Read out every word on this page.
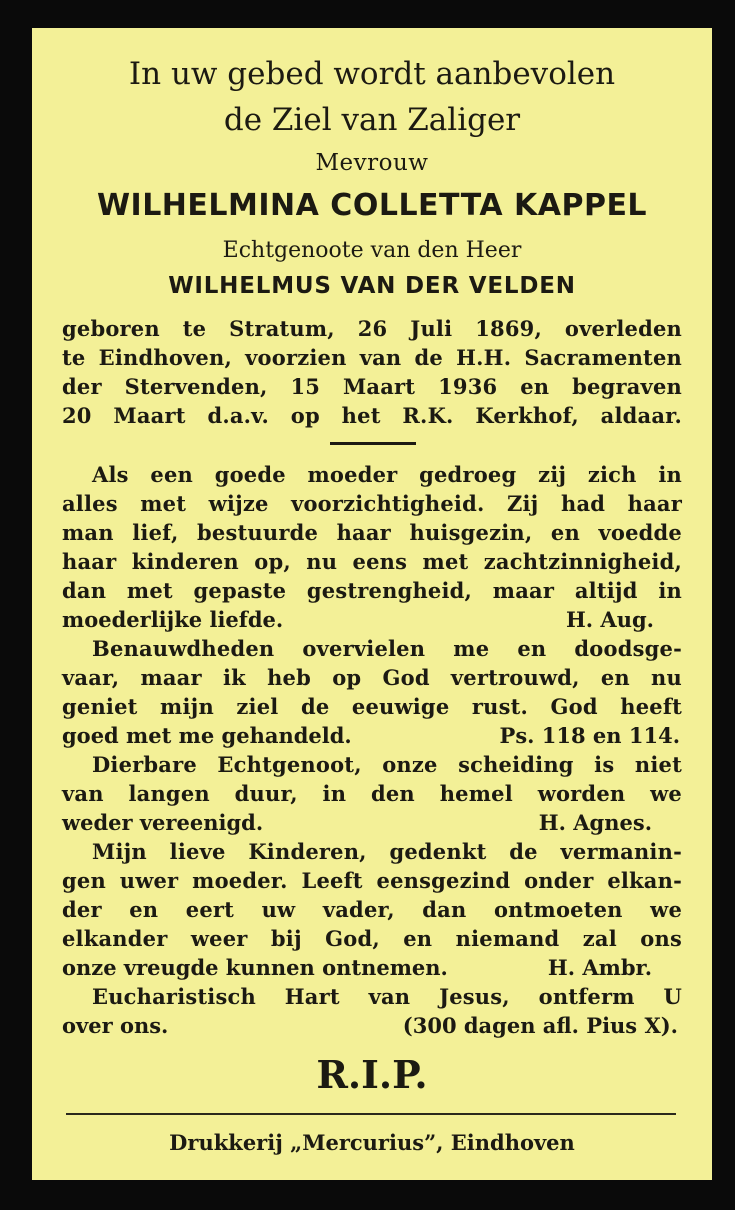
In uw gebed wordt aanbevolen
de Ziel van Zaliger
Mevrouw
WILHELMINA COLLETTA KAPPEL
Echtgenoote van den Heer
WILHELMUS VAN DER VELDEN
geboren te Stratum, 26 Juli 1869, overleden
te Eindhoven, voorzien van de H.H. Sacramenten
der Stervenden, 15 Maart 1936 en begraven
20 Maart d.a.v. op het R.K. Kerkhof, aldaar.
Als een goede moeder gedroeg zij zich in
alles met wijze voorzichtigheid. Zij had haar
man lief, bestuurde haar huisgezin, en voedde
haar kinderen op, nu eens met zachtzinnigheid,
dan met gepaste gestrengheid, maar altijd in
moederlijke liefde.	H. Aug.
Benauwdheden overvielen me en doodsge-
vaar, maar ik heb op God vertrouwd, en nu
geniet mijn ziel de eeuwige rust. God heeft
goed met me gehandeld.	Ps. 118 en 114.
Dierbare Echtgenoot, onze scheiding is niet
van langen duur, in den hemel worden we
weder vereenigd.	H. Agnes.
Mijn lieve Kinderen, gedenkt de vermanin-
gen uwer moeder. Leeft eensgezind onder elkan-
der en eert uw vader, dan ontmoeten we
elkander weer bij God, en niemand zal ons
onze vreugde kunnen ontnemen.	H. Ambr.
Eucharistisch Hart van Jesus, ontferm U
over ons.	(300 dagen afl. Pius X).
R.I.P.
Drukkerij „Mercurius”, Eindhoven
